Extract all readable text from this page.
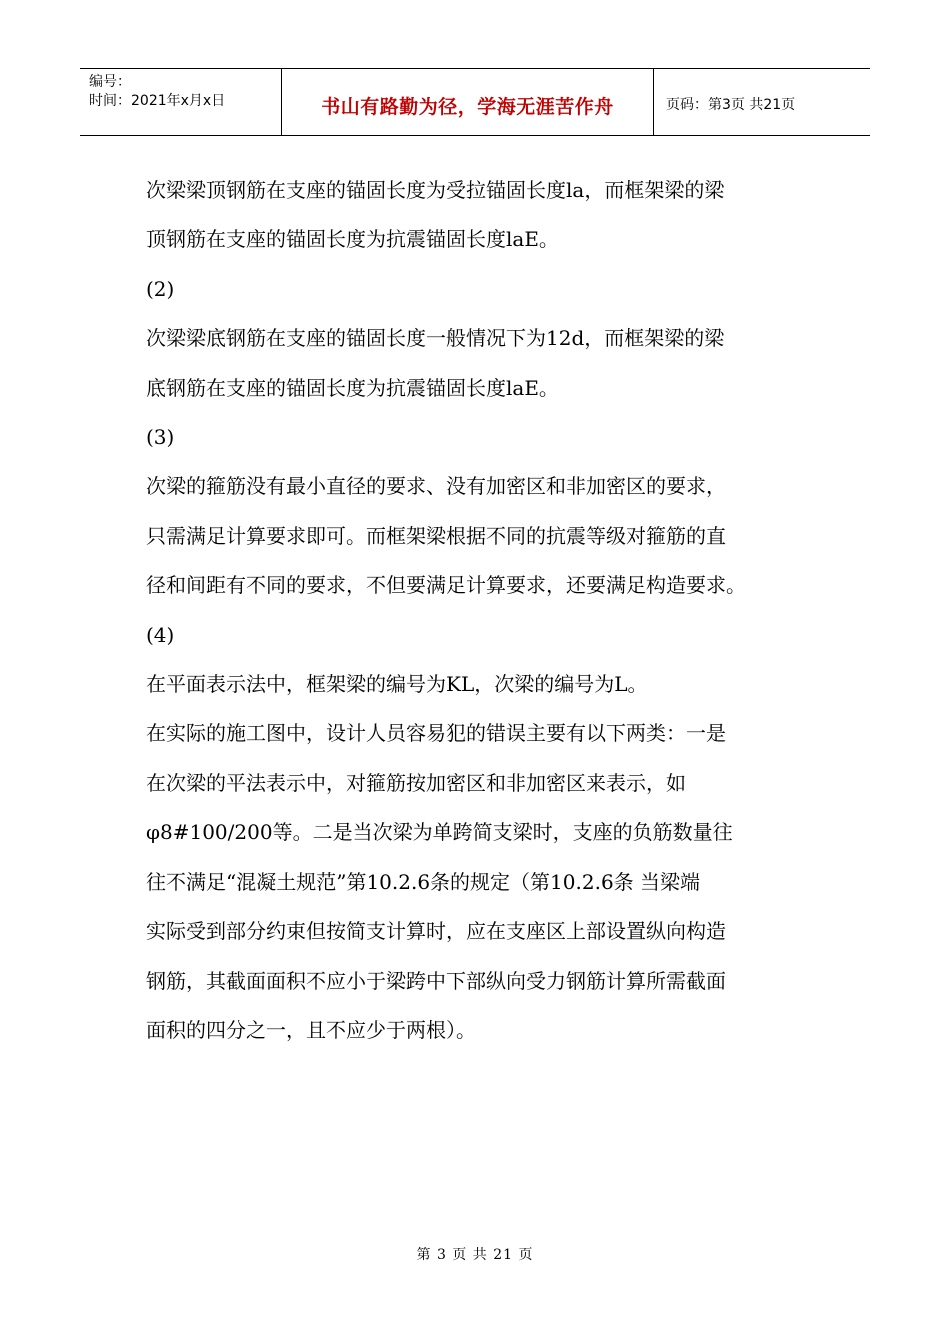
编号：
时间：2021年x月x日	书山有路勤为径，学海无涯苦作舟	页码：第3页 共21页

次梁梁顶钢筋在支座的锚固长度为受拉锚固长度la，而框架梁的梁

顶钢筋在支座的锚固长度为抗震锚固长度laE。

(2)

次梁梁底钢筋在支座的锚固长度一般情况下为12d，而框架梁的梁

底钢筋在支座的锚固长度为抗震锚固长度laE。

(3)

次梁的箍筋没有最小直径的要求、没有加密区和非加密区的要求，

只需满足计算要求即可。而框架梁根据不同的抗震等级对箍筋的直

径和间距有不同的要求，不但要满足计算要求，还要满足构造要求。

(4)

在平面表示法中，框架梁的编号为KL，次梁的编号为L。

在实际的施工图中，设计人员容易犯的错误主要有以下两类：一是

在次梁的平法表示中，对箍筋按加密区和非加密区来表示，如

φ8#100/200等。二是当次梁为单跨简支梁时，支座的负筋数量往

往不满足“混凝土规范”第10.2.6条的规定（第10.2.6条 当梁端

实际受到部分约束但按简支计算时，应在支座区上部设置纵向构造

钢筋，其截面面积不应小于梁跨中下部纵向受力钢筋计算所需截面

面积的四分之一，且不应少于两根）。

第 3 页 共 21 页
